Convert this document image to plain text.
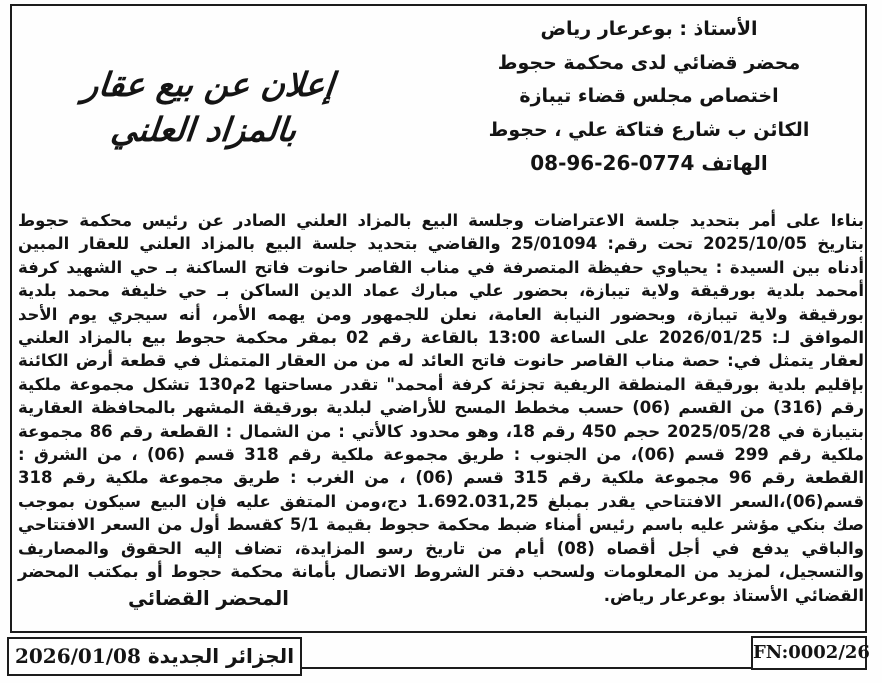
الأستاذ : بوعرعار رياض
محضر قضائي لدى محكمة حجوط
اختصاص مجلس قضاء تيبازة
الكائن ب شارع فتاكة علي ، حجوط
الهاتف 0774-26-96-08
إعلان عن بيع عقار
بالمزاد العلني
بناءا على أمر بتحديد جلسة الاعتراضات وجلسة البيع بالمزاد العلني الصادر عن رئيس محكمة حجوط بتاريخ 2025/10/05 تحت رقم: 25/01094 والقاضي بتحديد جلسة البيع بالمزاد العلني للعقار المبين أدناه بين السيدة : يحياوي حفيظة المتصرفة في مناب القاصر حانوت فاتح الساكنة بـ حي الشهيد كرفة أمحمد بلدية بورقيقة ولاية تيبازة، بحضور علي مبارك عماد الدين الساكن بـ حي خليفة محمد بلدية بورقيقة ولاية تيبازة، وبحضور النيابة العامة، نعلن للجمهور ومن يهمه الأمر، أنه سيجري يوم الأحد الموافق لـ: 2026/01/25 على الساعة 13:00 بالقاعة رقم 02 بمقر محكمة حجوط بيع بالمزاد العلني لعقار يتمثل في: حصة مناب القاصر حانوت فاتح العائد له من من العقار المتمثل في قطعة أرض الكائنة بإقليم بلدية بورقيقة المنطقة الريفية تجزئة كرفة أمحمد" تقدر مساحتها 2م130 تشكل مجموعة ملكية رقم (316) من القسم (06) حسب مخطط المسح للأراضي لبلدية بورقيقة المشهر بالمحافظة العقارية بتيبازة في 2025/05/28 حجم 450 رقم 18، وهو محدود كالأتي : من الشمال : القطعة رقم 86 مجموعة ملكية رقم 299 قسم (06)، من الجنوب : طريق مجموعة ملكية رقم 318 قسم (06) ، من الشرق : القطعة رقم 96 مجموعة ملكية رقم 315 قسم (06) ، من الغرب : طريق مجموعة ملكية رقم 318 قسم(06)،السعر الافتتاحي يقدر بمبلغ 1.692.031,25 دج،ومن المتفق عليه فإن البيع سيكون بموجب صك بنكي مؤشر عليه باسم رئيس أمناء ضبط محكمة حجوط بقيمة 5/1 كقسط أول من السعر الافتتاحي والباقي يدفع في أجل أقصاه (08) أيام من تاريخ رسو المزايدة، تضاف إليه الحقوق والمصاريف والتسجيل، لمزيد من المعلومات ولسحب دفتر الشروط الاتصال بأمانة محكمة حجوط أو بمكتب المحضر القضائي الأستاذ بوعرعار رياض.
المحضر القضائي
الجزائر الجديدة 2026/01/08	FN:0002/26
